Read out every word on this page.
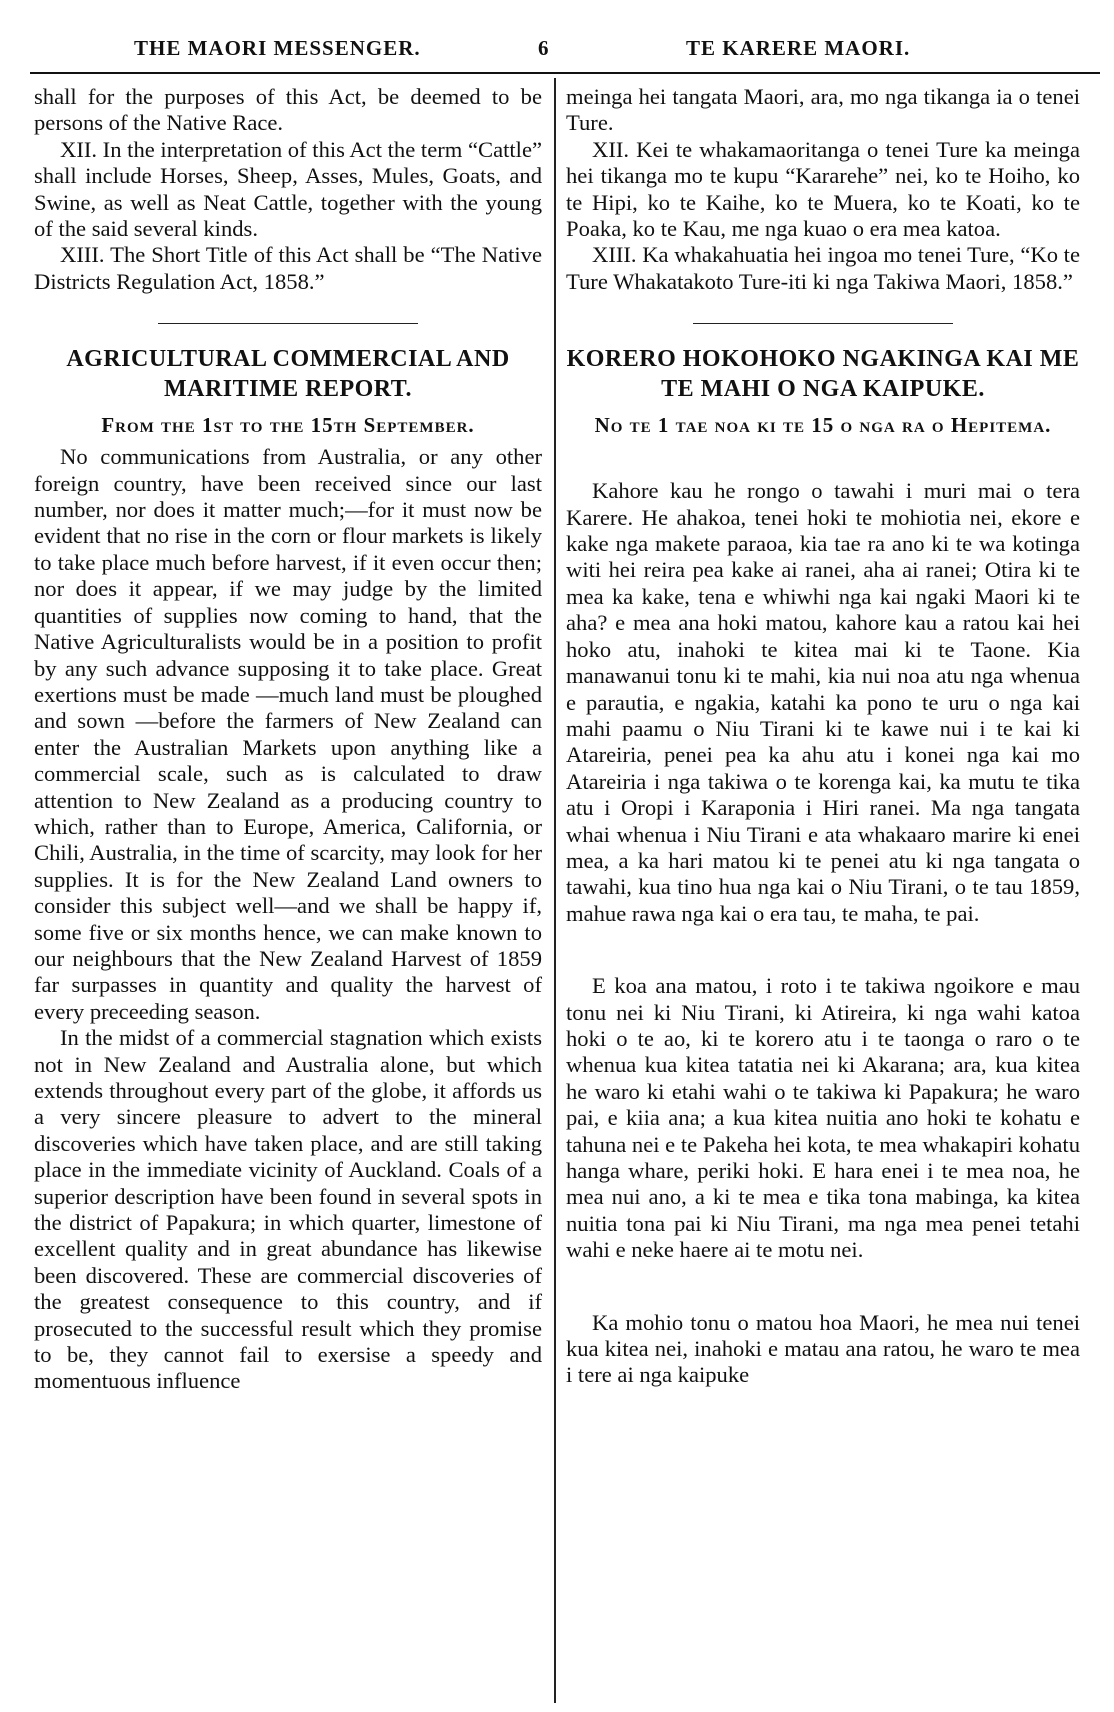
THE MAORI MESSENGER.	6	TE KARERE MAORI.

shall for the purposes of this Act, be deemed to be persons of the Native Race.

XII. In the interpretation of this Act the term “Cattle” shall include Horses, Sheep, Asses, Mules, Goats, and Swine, as well as Neat Cattle, together with the young of the said several kinds.

XIII. The Short Title of this Act shall be “The Native Districts Regulation Act, 1858.”

AGRICULTURAL COMMERCIAL AND MARITIME REPORT.

From the 1st to the 15th September.

No communications from Australia, or any other foreign country, have been received since our last number, nor does it matter much;—for it must now be evident that no rise in the corn or flour markets is likely to take place much before harvest, if it even occur then; nor does it appear, if we may judge by the limited quantities of supplies now coming to hand, that the Native Agriculturalists would be in a position to profit by any such advance supposing it to take place. Great exertions must be made —much land must be ploughed and sown —before the farmers of New Zealand can enter the Australian Markets upon anything like a commercial scale, such as is calculated to draw attention to New Zealand as a producing country to which, rather than to Europe, America, California, or Chili, Australia, in the time of scarcity, may look for her supplies. It is for the New Zealand Land owners to consider this subject well—and we shall be happy if, some five or six months hence, we can make known to our neighbours that the New Zealand Harvest of 1859 far surpasses in quantity and quality the harvest of every preceeding season.

In the midst of a commercial stagnation which exists not in New Zealand and Australia alone, but which extends throughout every part of the globe, it affords us a very sincere pleasure to advert to the mineral discoveries which have taken place, and are still taking place in the immediate vicinity of Auckland. Coals of a superior description have been found in several spots in the district of Papakura; in which quarter, limestone of excellent quality and in great abundance has likewise been discovered. These are commercial discoveries of the greatest consequence to this country, and if prosecuted to the successful result which they promise to be, they cannot fail to exersise a speedy and momentuous influence

meinga hei tangata Maori, ara, mo nga tikanga ia o tenei Ture.

XII. Kei te whakamaoritanga o tenei Ture ka meinga hei tikanga mo te kupu “Kararehe” nei, ko te Hoiho, ko te Hipi, ko te Kaihe, ko te Muera, ko te Koati, ko te Poaka, ko te Kau, me nga kuao o era mea katoa.

XIII. Ka whakahuatia hei ingoa mo tenei Ture, “Ko te Ture Whakatakoto Ture-iti ki nga Takiwa Maori, 1858.”

KORERO HOKOHOKO NGAKINGA KAI ME TE MAHI O NGA KAIPUKE.

No te 1 tae noa ki te 15 o nga ra o Hepitema.

Kahore kau he rongo o tawahi i muri mai o tera Karere. He ahakoa, tenei hoki te mohiotia nei, ekore e kake nga makete paraoa, kia tae ra ano ki te wa kotinga witi hei reira pea kake ai ranei, aha ai ranei; Otira ki te mea ka kake, tena e whiwhi nga kai ngaki Maori ki te aha? e mea ana hoki matou, kahore kau a ratou kai hei hoko atu, inahoki te kitea mai ki te Taone. Kia manawanui tonu ki te mahi, kia nui noa atu nga whenua e parautia, e ngakia, katahi ka pono te uru o nga kai mahi paamu o Niu Tirani ki te kawe nui i te kai ki Atareiria, penei pea ka ahu atu i konei nga kai mo Atareiria i nga takiwa o te korenga kai, ka mutu te tika atu i Oropi i Karaponia i Hiri ranei. Ma nga tangata whai whenua i Niu Tirani e ata whakaaro marire ki enei mea, a ka hari matou ki te penei atu ki nga tangata o tawahi, kua tino hua nga kai o Niu Tirani, o te tau 1859, mahue rawa nga kai o era tau, te maha, te pai.

E koa ana matou, i roto i te takiwa ngoikore e mau tonu nei ki Niu Tirani, ki Atireira, ki nga wahi katoa hoki o te ao, ki te korero atu i te taonga o raro o te whenua kua kitea tatatia nei ki Akarana; ara, kua kitea he waro ki etahi wahi o te takiwa ki Papakura; he waro pai, e kiia ana; a kua kitea nuitia ano hoki te kohatu e tahuna nei e te Pakeha hei kota, te mea whakapiri kohatu hanga whare, periki hoki. E hara enei i te mea noa, he mea nui ano, a ki te mea e tika tona mabinga, ka kitea nuitia tona pai ki Niu Tirani, ma nga mea penei tetahi wahi e neke haere ai te motu nei.

Ka mohio tonu o matou hoa Maori, he mea nui tenei kua kitea nei, inahoki e matau ana ratou, he waro te mea i tere ai nga kaipuke
